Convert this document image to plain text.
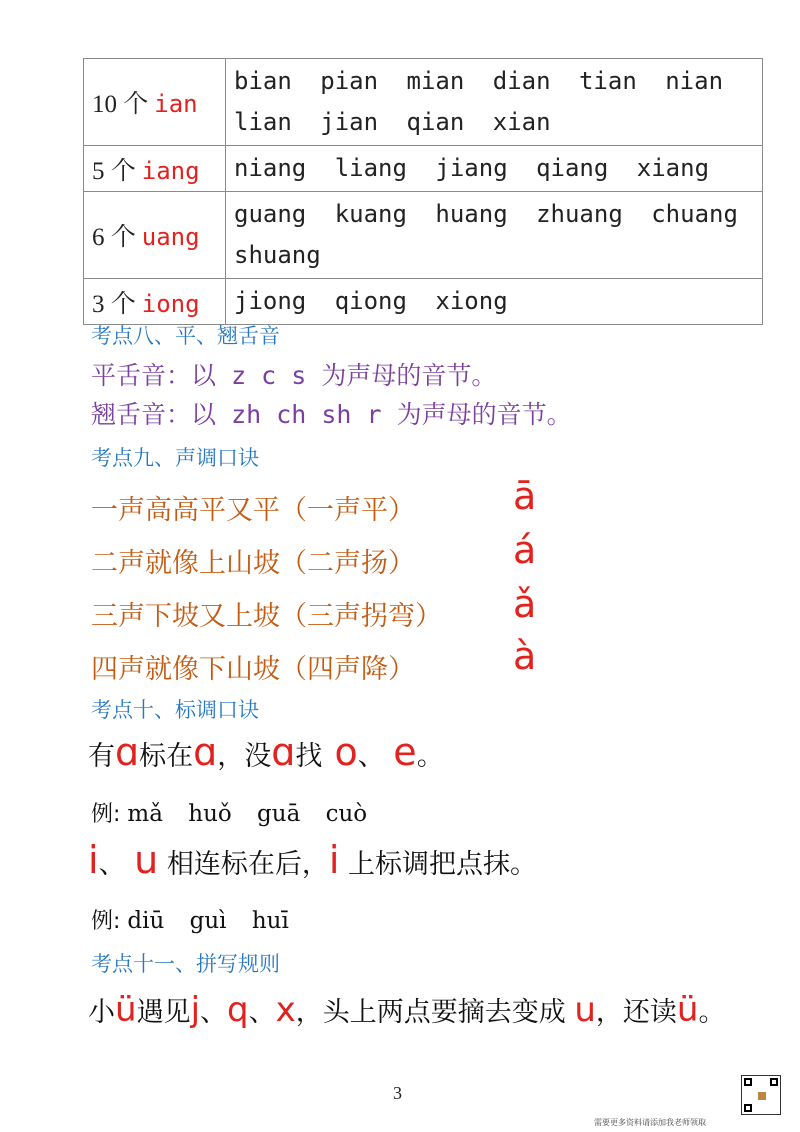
10 个 ian	bian pian mian dian tian nian lian jian qian xian
5 个 iang	niang liang jiang qiang xiang
6 个 uang	guang kuang huang zhuang chuang shuang
3 个 iong	jiong qiong xiong

考点八、平、翘舌音

平舌音：以 z c s 为声母的音节。

翘舌音：以 zh ch sh r 为声母的音节。

考点九、声调口诀

一声高高平又平（一声平）

二声就像上山坡（二声扬）

三声下坡又上坡（三声拐弯）

四声就像下山坡（四声降）

ā

á

ǎ

à

考点十、标调口诀

有ɑ标在ɑ，没ɑ找 o、 e。

例: mǎ huǒ guā cuò

i、 u 相连标在后，i 上标调把点抹。

例: diū guì huī

考点十一、拼写规则

小ü遇见j、q、x，头上两点要摘去变成 u，还读ü。

3
需要更多资料请添加我老师领取
